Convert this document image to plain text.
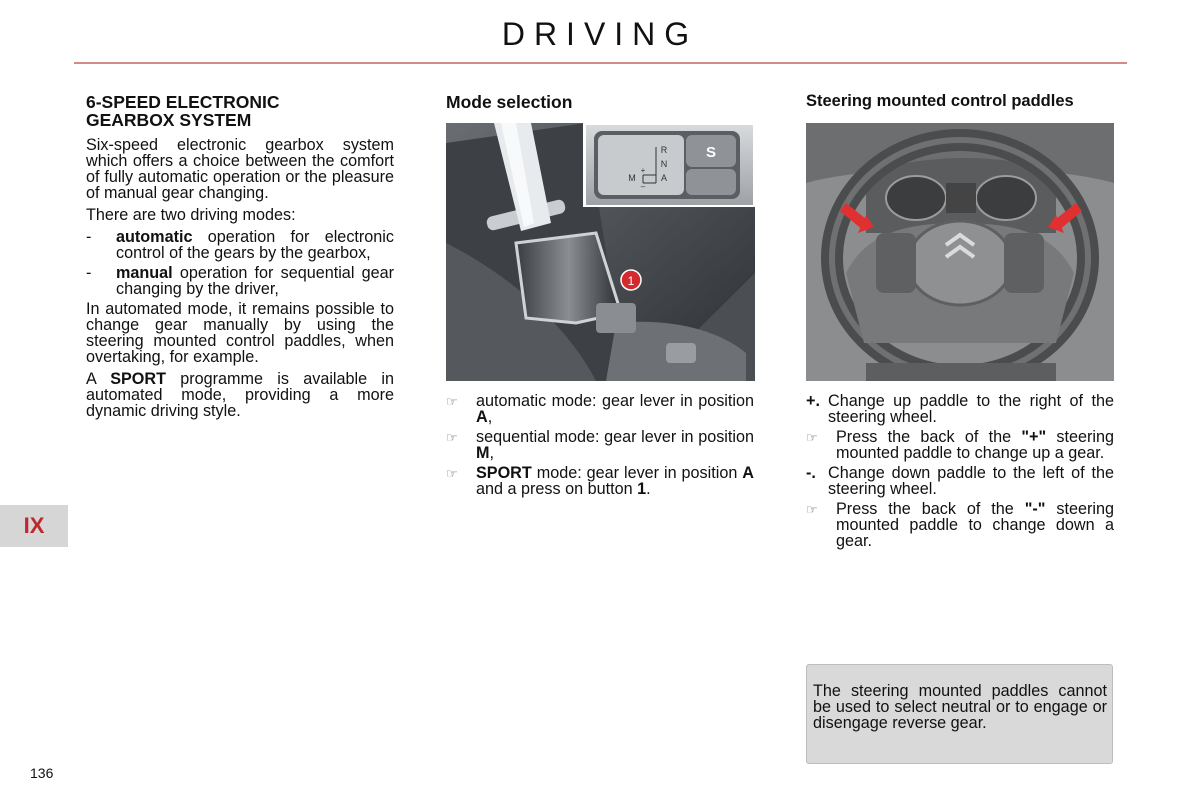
DRIVING
6-SPEED ELECTRONIC
GEARBOX SYSTEM

Six-speed electronic gearbox system which offers a choice between the comfort of fully automatic operation or the pleasure of manual gear changing.

There are two driving modes:

-	automatic operation for electronic control of the gears by the gearbox,
-	manual operation for sequential gear changing by the driver,

In automated mode, it remains possible to change gear manually by using the steering mounted control paddles, when overtaking, for example.

A SPORT programme is available in automated mode, providing a more dynamic driving style.

Mode selection
1
S
R
N
A
M
+
–
☞	automatic mode: gear lever in position A,
☞	sequential mode: gear lever in position M,
☞	SPORT mode: gear lever in position A and a press on button 1.
Steering mounted control paddles
+. Change up paddle to the right of the steering wheel.
☞	Press the back of the "+" steering mounted paddle to change up a gear.
-. Change down paddle to the left of the steering wheel.
☞	Press the back of the "-" steering mounted paddle to change down a gear.
The steering mounted paddles cannot be used to select neutral or to engage or disengage reverse gear.
IX
136
